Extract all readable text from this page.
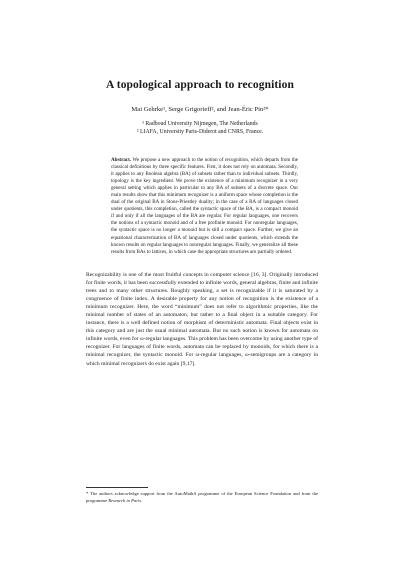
A topological approach to recognition
Mai Gehrke¹, Serge Grigorieff², and Jean-Éric Pin²*
¹ Radboud University Nijmegen, The Netherlands
² LIAFA, University Paris-Diderot and CNRS, France.
Abstract. We propose a new approach to the notion of recognition, which departs from the classical definitions by three specific features. First, it does not rely on automata. Secondly, it applies to any Boolean algebra (BA) of subsets rather than to individual subsets. Thirdly, topology is the key ingredient. We prove the existence of a minimum recognizer in a very general setting which applies in particular to any BA of subsets of a discrete space. Our main results show that this minimum recognizer is a uniform space whose completion is the dual of the original BA in Stone-Priestley duality; in the case of a BA of languages closed under quotients, this completion, called the syntactic space of the BA, is a compact monoid if and only if all the languages of the BA are regular. For regular languages, one recovers the notions of a syntactic monoid and of a free profinite monoid. For nonregular languages, the syntactic space is no longer a monoid but is still a compact space. Further, we give an equational characterization of BA of languages closed under quotients, which extends the known results on regular languages to nonregular languages. Finally, we generalize all these results from BAs to lattices, in which case the appropriate structures are partially ordered.
Recognizability is one of the most fruitful concepts in computer science [16, 3]. Originally introduced for finite words, it has been successfully extended to infinite words, general algebras, finite and infinite trees and to many other structures. Roughly speaking, a set is recognizable if it is saturated by a congruence of finite index. A desirable property for any notion of recognition is the existence of a minimum recognizer. Here, the word “minimum” does not refer to algorithmic properties, like the minimal number of states of an automaton, but rather to a final object in a suitable category. For instance, there is a well defined notion of morphism of deterministic automata. Final objects exist in this category and are just the usual minimal automata. But no such notion is known for automata on infinite words, even for ω-regular languages. This problem has been overcome by using another type of recognizer. For languages of finite words, automata can be replaced by monoids, for which there is a minimal recognizer, the syntactic monoid. For ω-regular languages, ω-semigroups are a category in which minimal recognizers do exist again [9,17].
* The authors acknowledge support from the AutoMathA programme of the European Science Foundation and from the programme Research in Paris.
